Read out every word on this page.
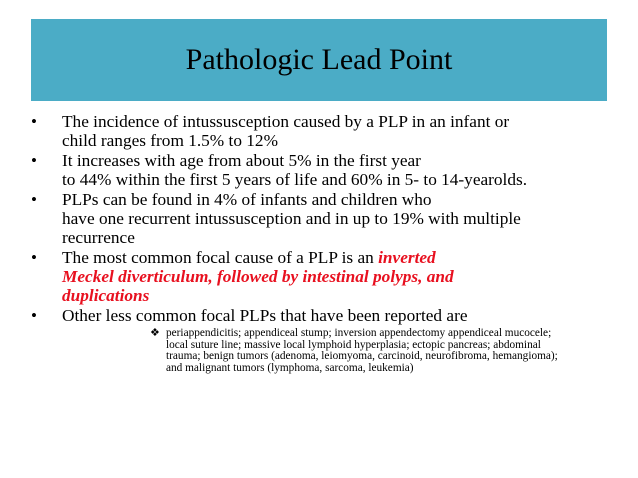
Pathologic Lead Point
• The incidence of intussusception caused by a PLP in an infant or
child ranges from 1.5% to 12%
• It increases with age from about 5% in the first year
to 44% within the first 5 years of life and 60% in 5- to 14-yearolds.
• PLPs can be found in 4% of infants and children who
have one recurrent intussusception and in up to 19% with multiple
recurrence
• The most common focal cause of a PLP is an inverted
Meckel diverticulum, followed by intestinal polyps, and
duplications
• Other less common focal PLPs that have been reported are
❖ periappendicitis; appendiceal stump; inversion appendectomy appendiceal mucocele;
local suture line; massive local lymphoid hyperplasia; ectopic pancreas; abdominal
trauma; benign tumors (adenoma, leiomyoma, carcinoid, neurofibroma, hemangioma);
and malignant tumors (lymphoma, sarcoma, leukemia)
